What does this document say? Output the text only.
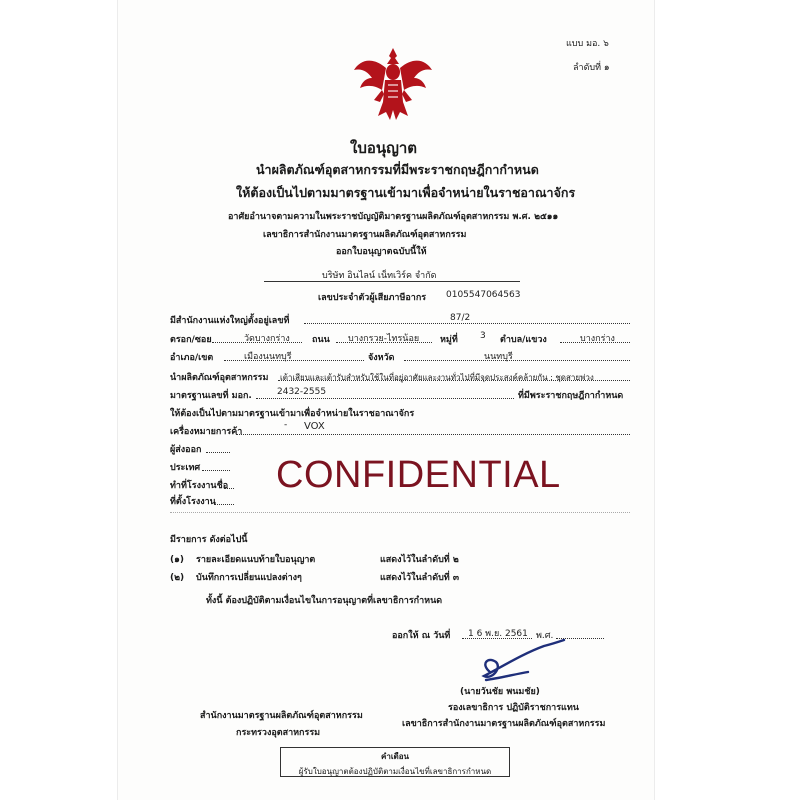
แบบ มอ. ๖
ลำดับที่ ๑
ใบอนุญาต
นำผลิตภัณฑ์อุตสาหกรรมที่มีพระราชกฤษฎีกากำหนด
ให้ต้องเป็นไปตามมาตรฐานเข้ามาเพื่อจำหน่ายในราชอาณาจักร
อาศัยอำนาจตามความในพระราชบัญญัติมาตรฐานผลิตภัณฑ์อุตสาหกรรม พ.ศ. ๒๕๑๑
เลขาธิการสำนักงานมาตรฐานผลิตภัณฑ์อุตสาหกรรม
ออกใบอนุญาตฉบับนี้ให้
บริษัท อินไลน์ เน็ทเวิร์ค จำกัด
เลขประจำตัวผู้เสียภาษีอากร 0105547064563
มีสำนักงานแห่งใหญ่ตั้งอยู่เลขที่	87/2
ตรอก/ซอย	วัดบางกร่าง ถนน บางกรวย-ไทรน้อย หมู่ที่ 3 ตำบล/แขวง	บางกร่าง
อำเภอ/เขต	เมืองนนทบุรี	จังหวัด	นนทบุรี
นำผลิตภัณฑ์อุตสาหกรรม เต้าเสียบและเต้ารับสำหรับใช้ในที่อยู่อาศัยและงานทั่วไปที่มีจุดประสงค์คล้ายกัน : ชุดสายพ่วง
มาตรฐานเลขที่ มอก.	2432-2555	ที่มีพระราชกฤษฎีกากำหนด
ให้ต้องเป็นไปตามมาตรฐานเข้ามาเพื่อจำหน่ายในราชอาณาจักร
เครื่องหมายการค้า
- VOX
ผู้ส่งออก
ประเทศ
ทำที่โรงงานชื่อ
ที่ตั้งโรงงาน
CONFIDENTIAL
มีรายการ ดังต่อไปนี้
(๑) รายละเอียดแนบท้ายใบอนุญาต	แสดงไว้ในลำดับที่ ๒
(๒) บันทึกการเปลี่ยนแปลงต่างๆ	แสดงไว้ในลำดับที่ ๓
ทั้งนี้ ต้องปฏิบัติตามเงื่อนไขในการอนุญาตที่เลขาธิการกำหนด
ออกให้ ณ วันที่ 1 6 พ.ย. 2561 พ.ศ.
(นายวันชัย พนมชัย)
รองเลขาธิการ ปฏิบัติราชการแทน
เลขาธิการสำนักงานมาตรฐานผลิตภัณฑ์อุตสาหกรรม
สำนักงานมาตรฐานผลิตภัณฑ์อุตสาหกรรม
กระทรวงอุตสาหกรรม
คำเตือน
ผู้รับใบอนุญาตต้องปฏิบัติตามเงื่อนไขที่เลขาธิการกำหนด
